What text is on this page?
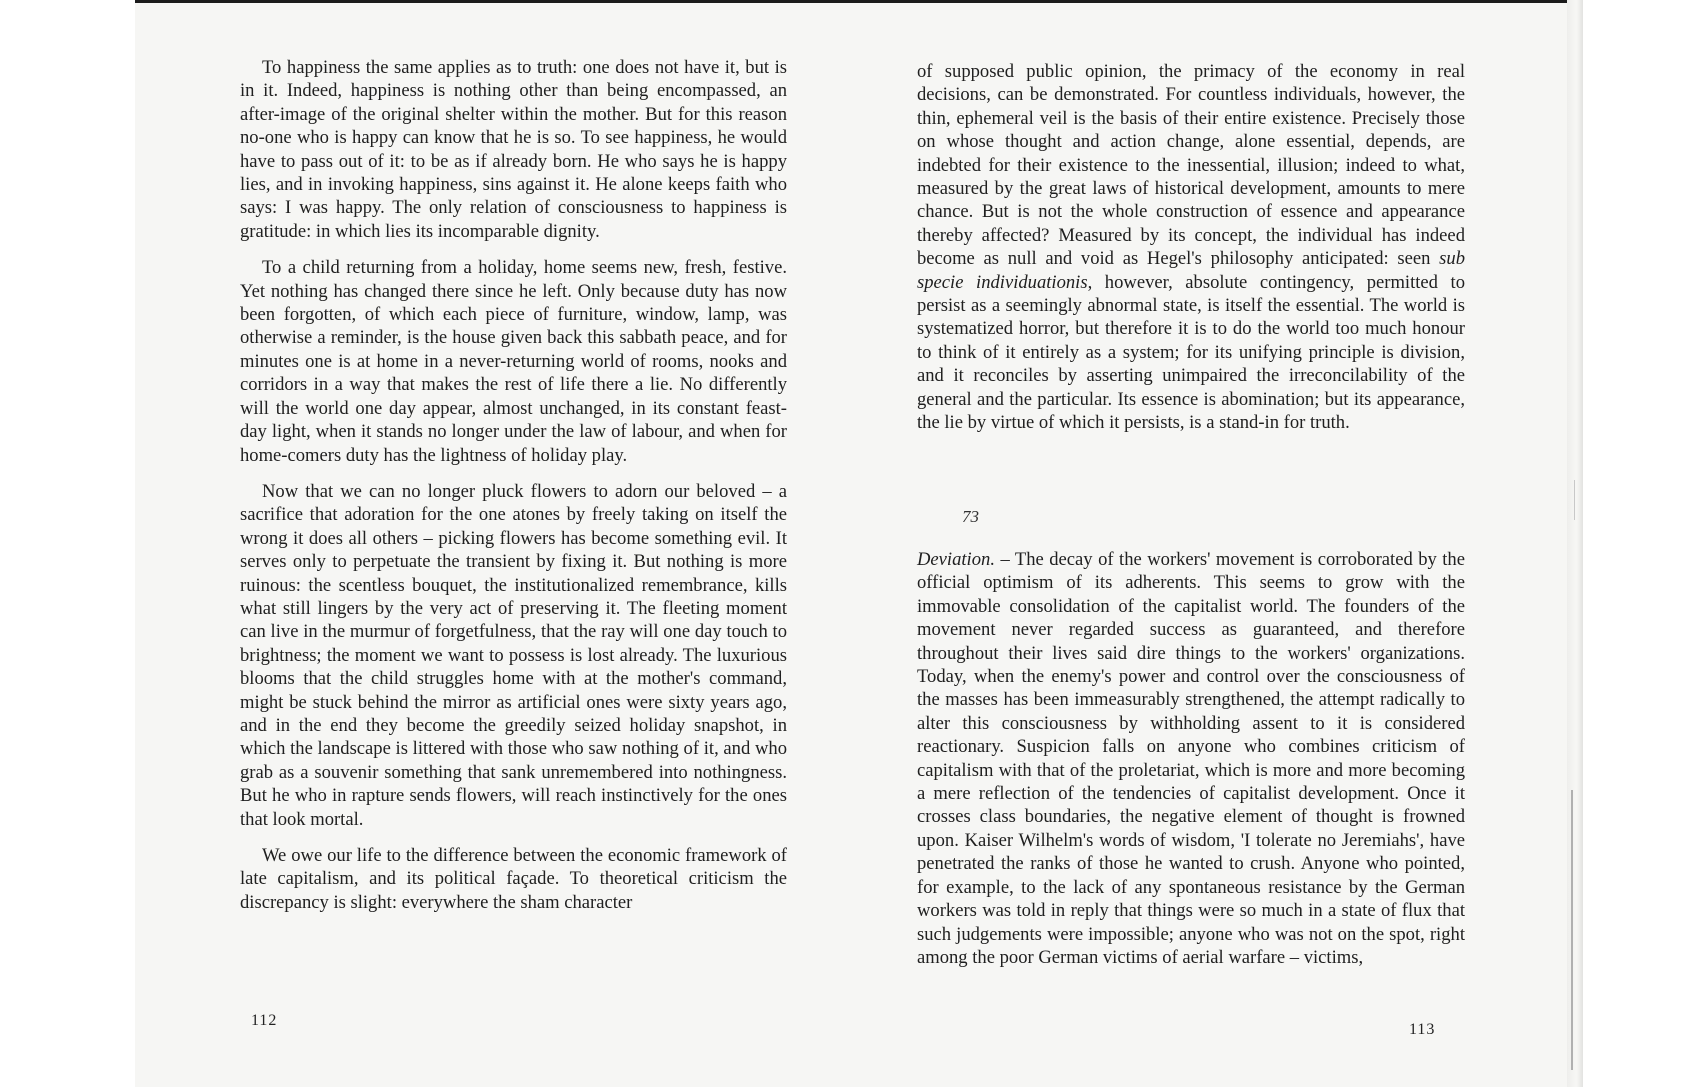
To happiness the same applies as to truth: one does not have it, but is in it. Indeed, happiness is nothing other than being encompassed, an after-image of the original shelter within the mother. But for this reason no-one who is happy can know that he is so. To see happiness, he would have to pass out of it: to be as if already born. He who says he is happy lies, and in invoking happiness, sins against it. He alone keeps faith who says: I was happy. The only relation of consciousness to happiness is gratitude: in which lies its incomparable dignity.

To a child returning from a holiday, home seems new, fresh, festive. Yet nothing has changed there since he left. Only because duty has now been forgotten, of which each piece of furniture, window, lamp, was otherwise a reminder, is the house given back this sabbath peace, and for minutes one is at home in a never-returning world of rooms, nooks and corridors in a way that makes the rest of life there a lie. No differently will the world one day appear, almost unchanged, in its constant feast-day light, when it stands no longer under the law of labour, and when for home-comers duty has the lightness of holiday play.

Now that we can no longer pluck flowers to adorn our beloved – a sacrifice that adoration for the one atones by freely taking on itself the wrong it does all others – picking flowers has become something evil. It serves only to perpetuate the transient by fixing it. But nothing is more ruinous: the scentless bouquet, the institutionalized remembrance, kills what still lingers by the very act of preserving it. The fleeting moment can live in the murmur of forgetfulness, that the ray will one day touch to brightness; the moment we want to possess is lost already. The luxurious blooms that the child struggles home with at the mother's command, might be stuck behind the mirror as artificial ones were sixty years ago, and in the end they become the greedily seized holiday snapshot, in which the landscape is littered with those who saw nothing of it, and who grab as a souvenir something that sank unremembered into nothingness. But he who in rapture sends flowers, will reach instinctively for the ones that look mortal.

We owe our life to the difference between the economic framework of late capitalism, and its political façade. To theoretical criticism the discrepancy is slight: everywhere the sham character

112

of supposed public opinion, the primacy of the economy in real decisions, can be demonstrated. For countless individuals, however, the thin, ephemeral veil is the basis of their entire existence. Precisely those on whose thought and action change, alone essential, depends, are indebted for their existence to the inessential, illusion; indeed to what, measured by the great laws of historical development, amounts to mere chance. But is not the whole construction of essence and appearance thereby affected? Measured by its concept, the individual has indeed become as null and void as Hegel's philosophy anticipated: seen sub specie individuationis, however, absolute contingency, permitted to persist as a seemingly abnormal state, is itself the essential. The world is systematized horror, but therefore it is to do the world too much honour to think of it entirely as a system; for its unifying principle is division, and it reconciles by asserting unimpaired the irreconcilability of the general and the particular. Its essence is abomination; but its appearance, the lie by virtue of which it persists, is a stand-in for truth.

73

Deviation. – The decay of the workers' movement is corroborated by the official optimism of its adherents. This seems to grow with the immovable consolidation of the capitalist world. The founders of the movement never regarded success as guaranteed, and therefore throughout their lives said dire things to the workers' organizations. Today, when the enemy's power and control over the consciousness of the masses has been immeasurably strengthened, the attempt radically to alter this consciousness by withholding assent to it is considered reactionary. Suspicion falls on anyone who combines criticism of capitalism with that of the proletariat, which is more and more becoming a mere reflection of the tendencies of capitalist development. Once it crosses class boundaries, the negative element of thought is frowned upon. Kaiser Wilhelm's words of wisdom, 'I tolerate no Jeremiahs', have penetrated the ranks of those he wanted to crush. Anyone who pointed, for example, to the lack of any spontaneous resistance by the German workers was told in reply that things were so much in a state of flux that such judgements were impossible; anyone who was not on the spot, right among the poor German victims of aerial warfare – victims,

113
